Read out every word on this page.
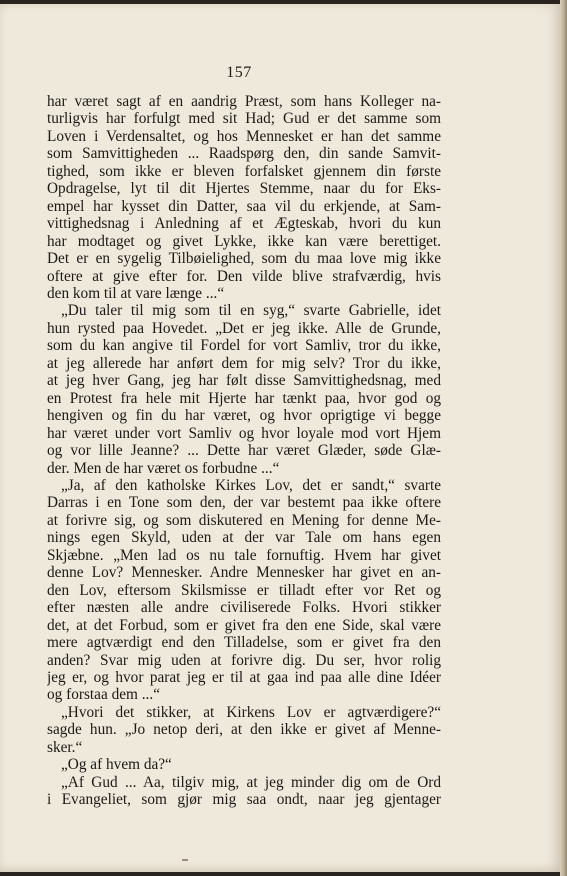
157
har været sagt af en aandrig Præst, som hans Kolleger na-
turligvis har forfulgt med sit Had; Gud er det samme som
Loven i Verdensaltet, og hos Mennesket er han det samme
som Samvittigheden ... Raadspørg den, din sande Samvit-
tighed, som ikke er bleven forfalsket gjennem din første
Opdragelse, lyt til dit Hjertes Stemme, naar du for Eks-
empel har kysset din Datter, saa vil du erkjende, at Sam-
vittighedsnag i Anledning af et Ægteskab, hvori du kun
har modtaget og givet Lykke, ikke kan være berettiget.
Det er en sygelig Tilbøielighed, som du maa love mig ikke
oftere at give efter for. Den vilde blive strafværdig, hvis
den kom til at vare længe ...“
„Du taler til mig som til en syg,“ svarte Gabrielle, idet
hun rysted paa Hovedet. „Det er jeg ikke. Alle de Grunde,
som du kan angive til Fordel for vort Samliv, tror du ikke,
at jeg allerede har anført dem for mig selv? Tror du ikke,
at jeg hver Gang, jeg har følt disse Samvittighedsnag, med
en Protest fra hele mit Hjerte har tænkt paa, hvor god og
hengiven og fin du har været, og hvor oprigtige vi begge
har været under vort Samliv og hvor loyale mod vort Hjem
og vor lille Jeanne? ... Dette har været Glæder, søde Glæ-
der. Men de har været os forbudne ...“
„Ja, af den katholske Kirkes Lov, det er sandt,“ svarte
Darras i en Tone som den, der var bestemt paa ikke oftere
at forivre sig, og som diskutered en Mening for denne Me-
nings egen Skyld, uden at der var Tale om hans egen
Skjæbne. „Men lad os nu tale fornuftig. Hvem har givet
denne Lov? Mennesker. Andre Mennesker har givet en an-
den Lov, eftersom Skilsmisse er tilladt efter vor Ret og
efter næsten alle andre civiliserede Folks. Hvori stikker
det, at det Forbud, som er givet fra den ene Side, skal være
mere agtværdigt end den Tilladelse, som er givet fra den
anden? Svar mig uden at forivre dig. Du ser, hvor rolig
jeg er, og hvor parat jeg er til at gaa ind paa alle dine Idéer
og forstaa dem ...“
„Hvori det stikker, at Kirkens Lov er agtværdigere?“
sagde hun. „Jo netop deri, at den ikke er givet af Menne-
sker.“
„Og af hvem da?“
„Af Gud ... Aa, tilgiv mig, at jeg minder dig om de Ord
i Evangeliet, som gjør mig saa ondt, naar jeg gjentager
